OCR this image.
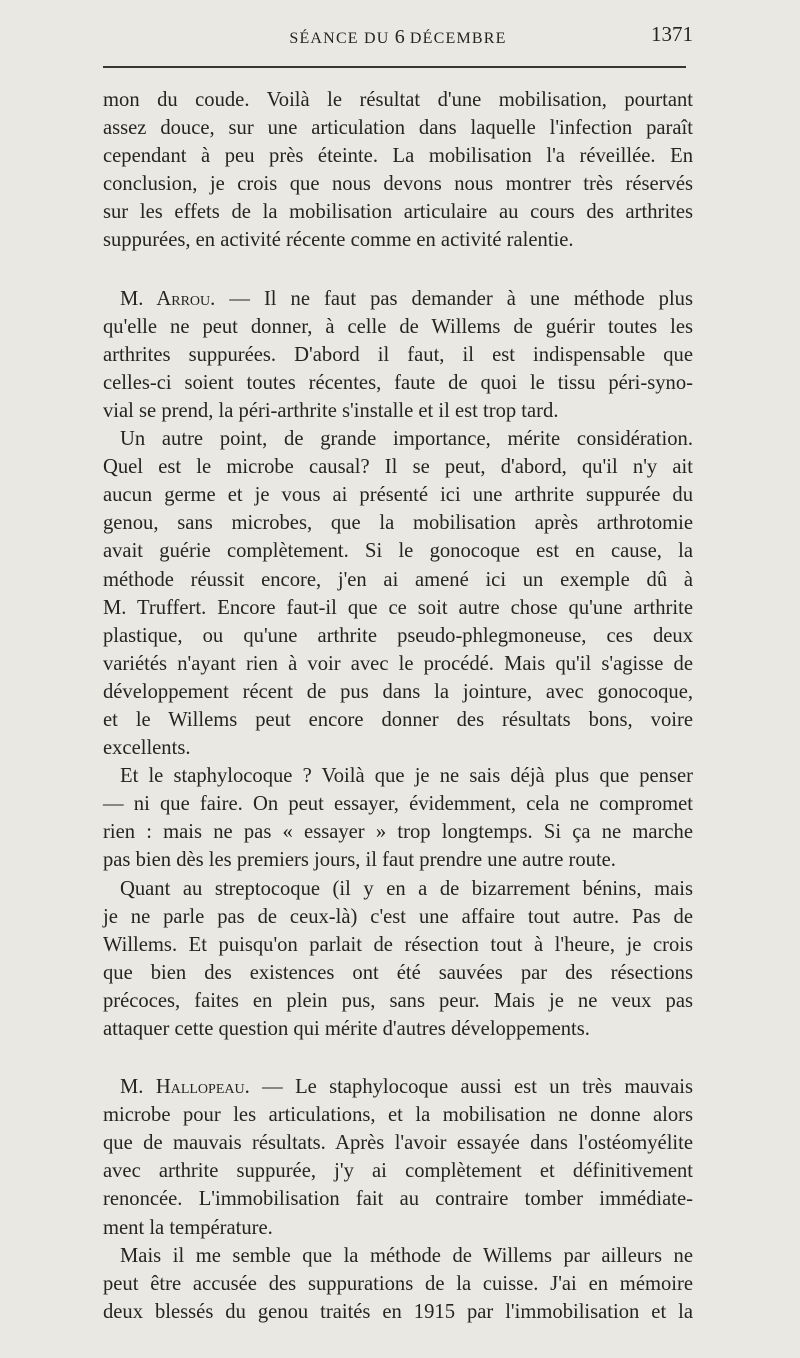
SÉANCE DU 6 DÉCEMBRE	1371

mon du coude. Voilà le résultat d'une mobilisation, pourtant

assez douce, sur une articulation dans laquelle l'infection paraît

cependant à peu près éteinte. La mobilisation l'a réveillée. En

conclusion, je crois que nous devons nous montrer très réservés

sur les effets de la mobilisation articulaire au cours des arthrites

suppurées, en activité récente comme en activité ralentie.

M. Arrou. — Il ne faut pas demander à une méthode plus

qu'elle ne peut donner, à celle de Willems de guérir toutes les

arthrites suppurées. D'abord il faut, il est indispensable que

celles-ci soient toutes récentes, faute de quoi le tissu péri-syno-

vial se prend, la péri-arthrite s'installe et il est trop tard.

Un autre point, de grande importance, mérite considération.

Quel est le microbe causal? Il se peut, d'abord, qu'il n'y ait

aucun germe et je vous ai présenté ici une arthrite suppurée du

genou, sans microbes, que la mobilisation après arthrotomie

avait guérie complètement. Si le gonocoque est en cause, la

méthode réussit encore, j'en ai amené ici un exemple dû à

M. Truffert. Encore faut-il que ce soit autre chose qu'une arthrite

plastique, ou qu'une arthrite pseudo-phlegmoneuse, ces deux

variétés n'ayant rien à voir avec le procédé. Mais qu'il s'agisse de

développement récent de pus dans la jointure, avec gonocoque,

et le Willems peut encore donner des résultats bons, voire

excellents.

Et le staphylocoque ? Voilà que je ne sais déjà plus que penser

— ni que faire. On peut essayer, évidemment, cela ne compromet

rien : mais ne pas « essayer » trop longtemps. Si ça ne marche

pas bien dès les premiers jours, il faut prendre une autre route.

Quant au streptocoque (il y en a de bizarrement bénins, mais

je ne parle pas de ceux-là) c'est une affaire tout autre. Pas de

Willems. Et puisqu'on parlait de résection tout à l'heure, je crois

que bien des existences ont été sauvées par des résections

précoces, faites en plein pus, sans peur. Mais je ne veux pas

attaquer cette question qui mérite d'autres développements.

M. Hallopeau. — Le staphylocoque aussi est un très mauvais

microbe pour les articulations, et la mobilisation ne donne alors

que de mauvais résultats. Après l'avoir essayée dans l'ostéomyélite

avec arthrite suppurée, j'y ai complètement et définitivement

renoncée. L'immobilisation fait au contraire tomber immédiate-

ment la température.

Mais il me semble que la méthode de Willems par ailleurs ne

peut être accusée des suppurations de la cuisse. J'ai en mémoire

deux blessés du genou traités en 1915 par l'immobilisation et la
